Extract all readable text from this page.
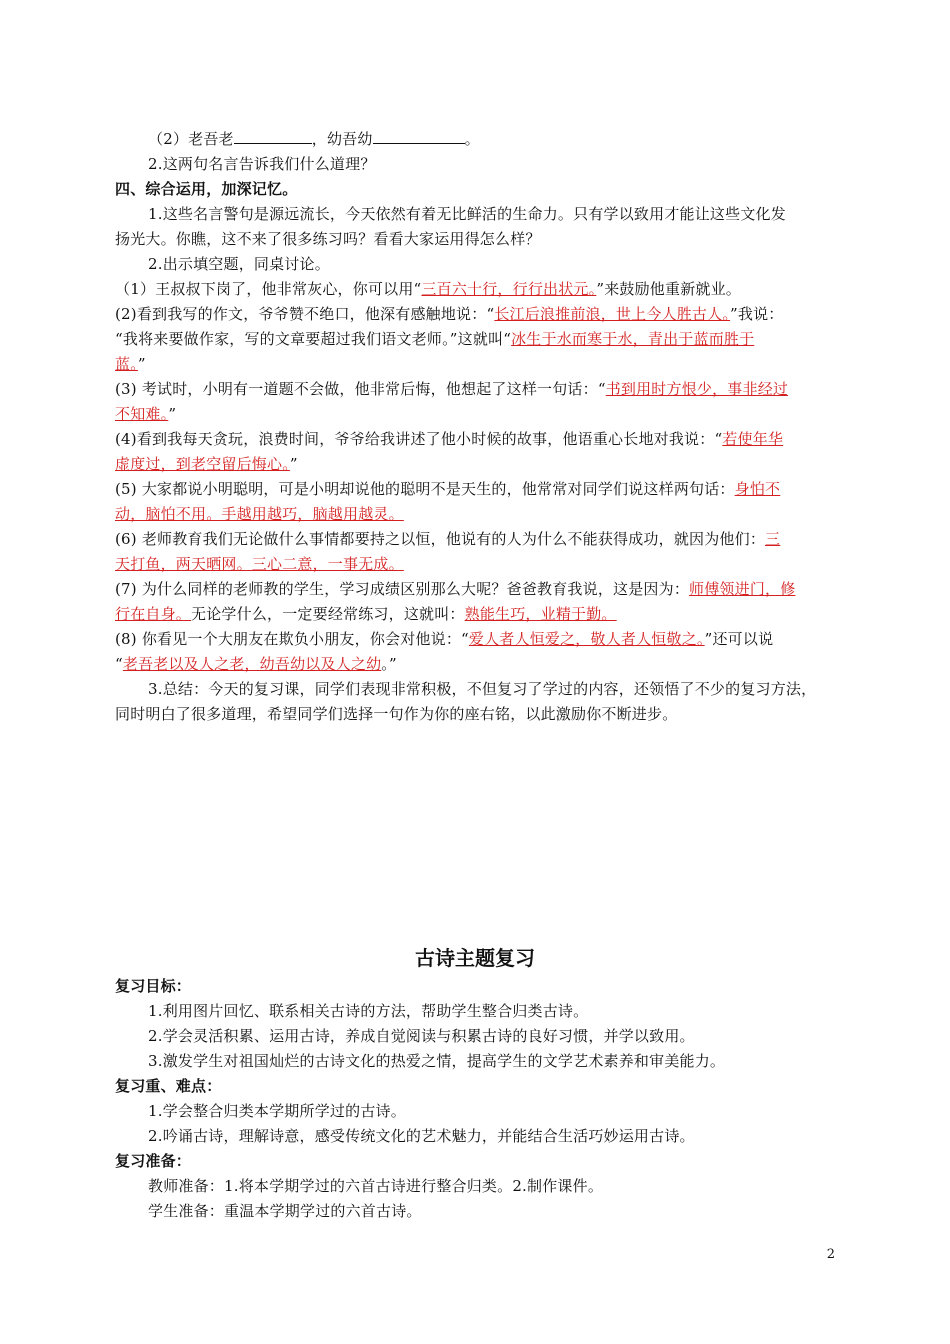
（2）老吾老	，幼吾幼	。
2.这两句名言告诉我们什么道理？
四、综合运用，加深记忆。
1.这些名言警句是源远流长，今天依然有着无比鲜活的生命力。只有学以致用才能让这些文化发
扬光大。你瞧，这不来了很多练习吗？看看大家运用得怎么样？
2.出示填空题，同桌讨论。
（1）王叔叔下岗了，他非常灰心，你可以用“三百六十行，行行出状元。”来鼓励他重新就业。
(2)看到我写的作文，爷爷赞不绝口，他深有感触地说：“长江后浪推前浪，世上今人胜古人。”我说：
“我将来要做作家，写的文章要超过我们语文老师。”这就叫“冰生于水而寒于水，青出于蓝而胜于
蓝。”
(3) 考试时，小明有一道题不会做，他非常后悔，他想起了这样一句话：“书到用时方恨少，事非经过
不知难。”
(4)看到我每天贪玩，浪费时间，爷爷给我讲述了他小时候的故事，他语重心长地对我说：“若使年华
虚度过，到老空留后悔心。”
(5) 大家都说小明聪明，可是小明却说他的聪明不是天生的，他常常对同学们说这样两句话：身怕不
动，脑怕不用。手越用越巧，脑越用越灵。
(6) 老师教育我们无论做什么事情都要持之以恒，他说有的人为什么不能获得成功，就因为他们：三
天打鱼，两天晒网。三心二意，一事无成。
(7) 为什么同样的老师教的学生，学习成绩区别那么大呢？爸爸教育我说，这是因为：师傅领进门，修
行在自身。无论学什么，一定要经常练习，这就叫：熟能生巧，业精于勤。
(8) 你看见一个大朋友在欺负小朋友，你会对他说：“爱人者人恒爱之，敬人者人恒敬之。”还可以说
“老吾老以及人之老，幼吾幼以及人之幼。”
3.总结：今天的复习课，同学们表现非常积极，不但复习了学过的内容，还领悟了不少的复习方法，
同时明白了很多道理，希望同学们选择一句作为你的座右铭，以此激励你不断进步。
古诗主题复习
复习目标：
1.利用图片回忆、联系相关古诗的方法，帮助学生整合归类古诗。
2.学会灵活积累、运用古诗，养成自觉阅读与积累古诗的良好习惯，并学以致用。
3.激发学生对祖国灿烂的古诗文化的热爱之情，提高学生的文学艺术素养和审美能力。
复习重、难点：
1.学会整合归类本学期所学过的古诗。
2.吟诵古诗，理解诗意，感受传统文化的艺术魅力，并能结合生活巧妙运用古诗。
复习准备：
教师准备：1.将本学期学过的六首古诗进行整合归类。2.制作课件。
学生准备：重温本学期学过的六首古诗。
2
